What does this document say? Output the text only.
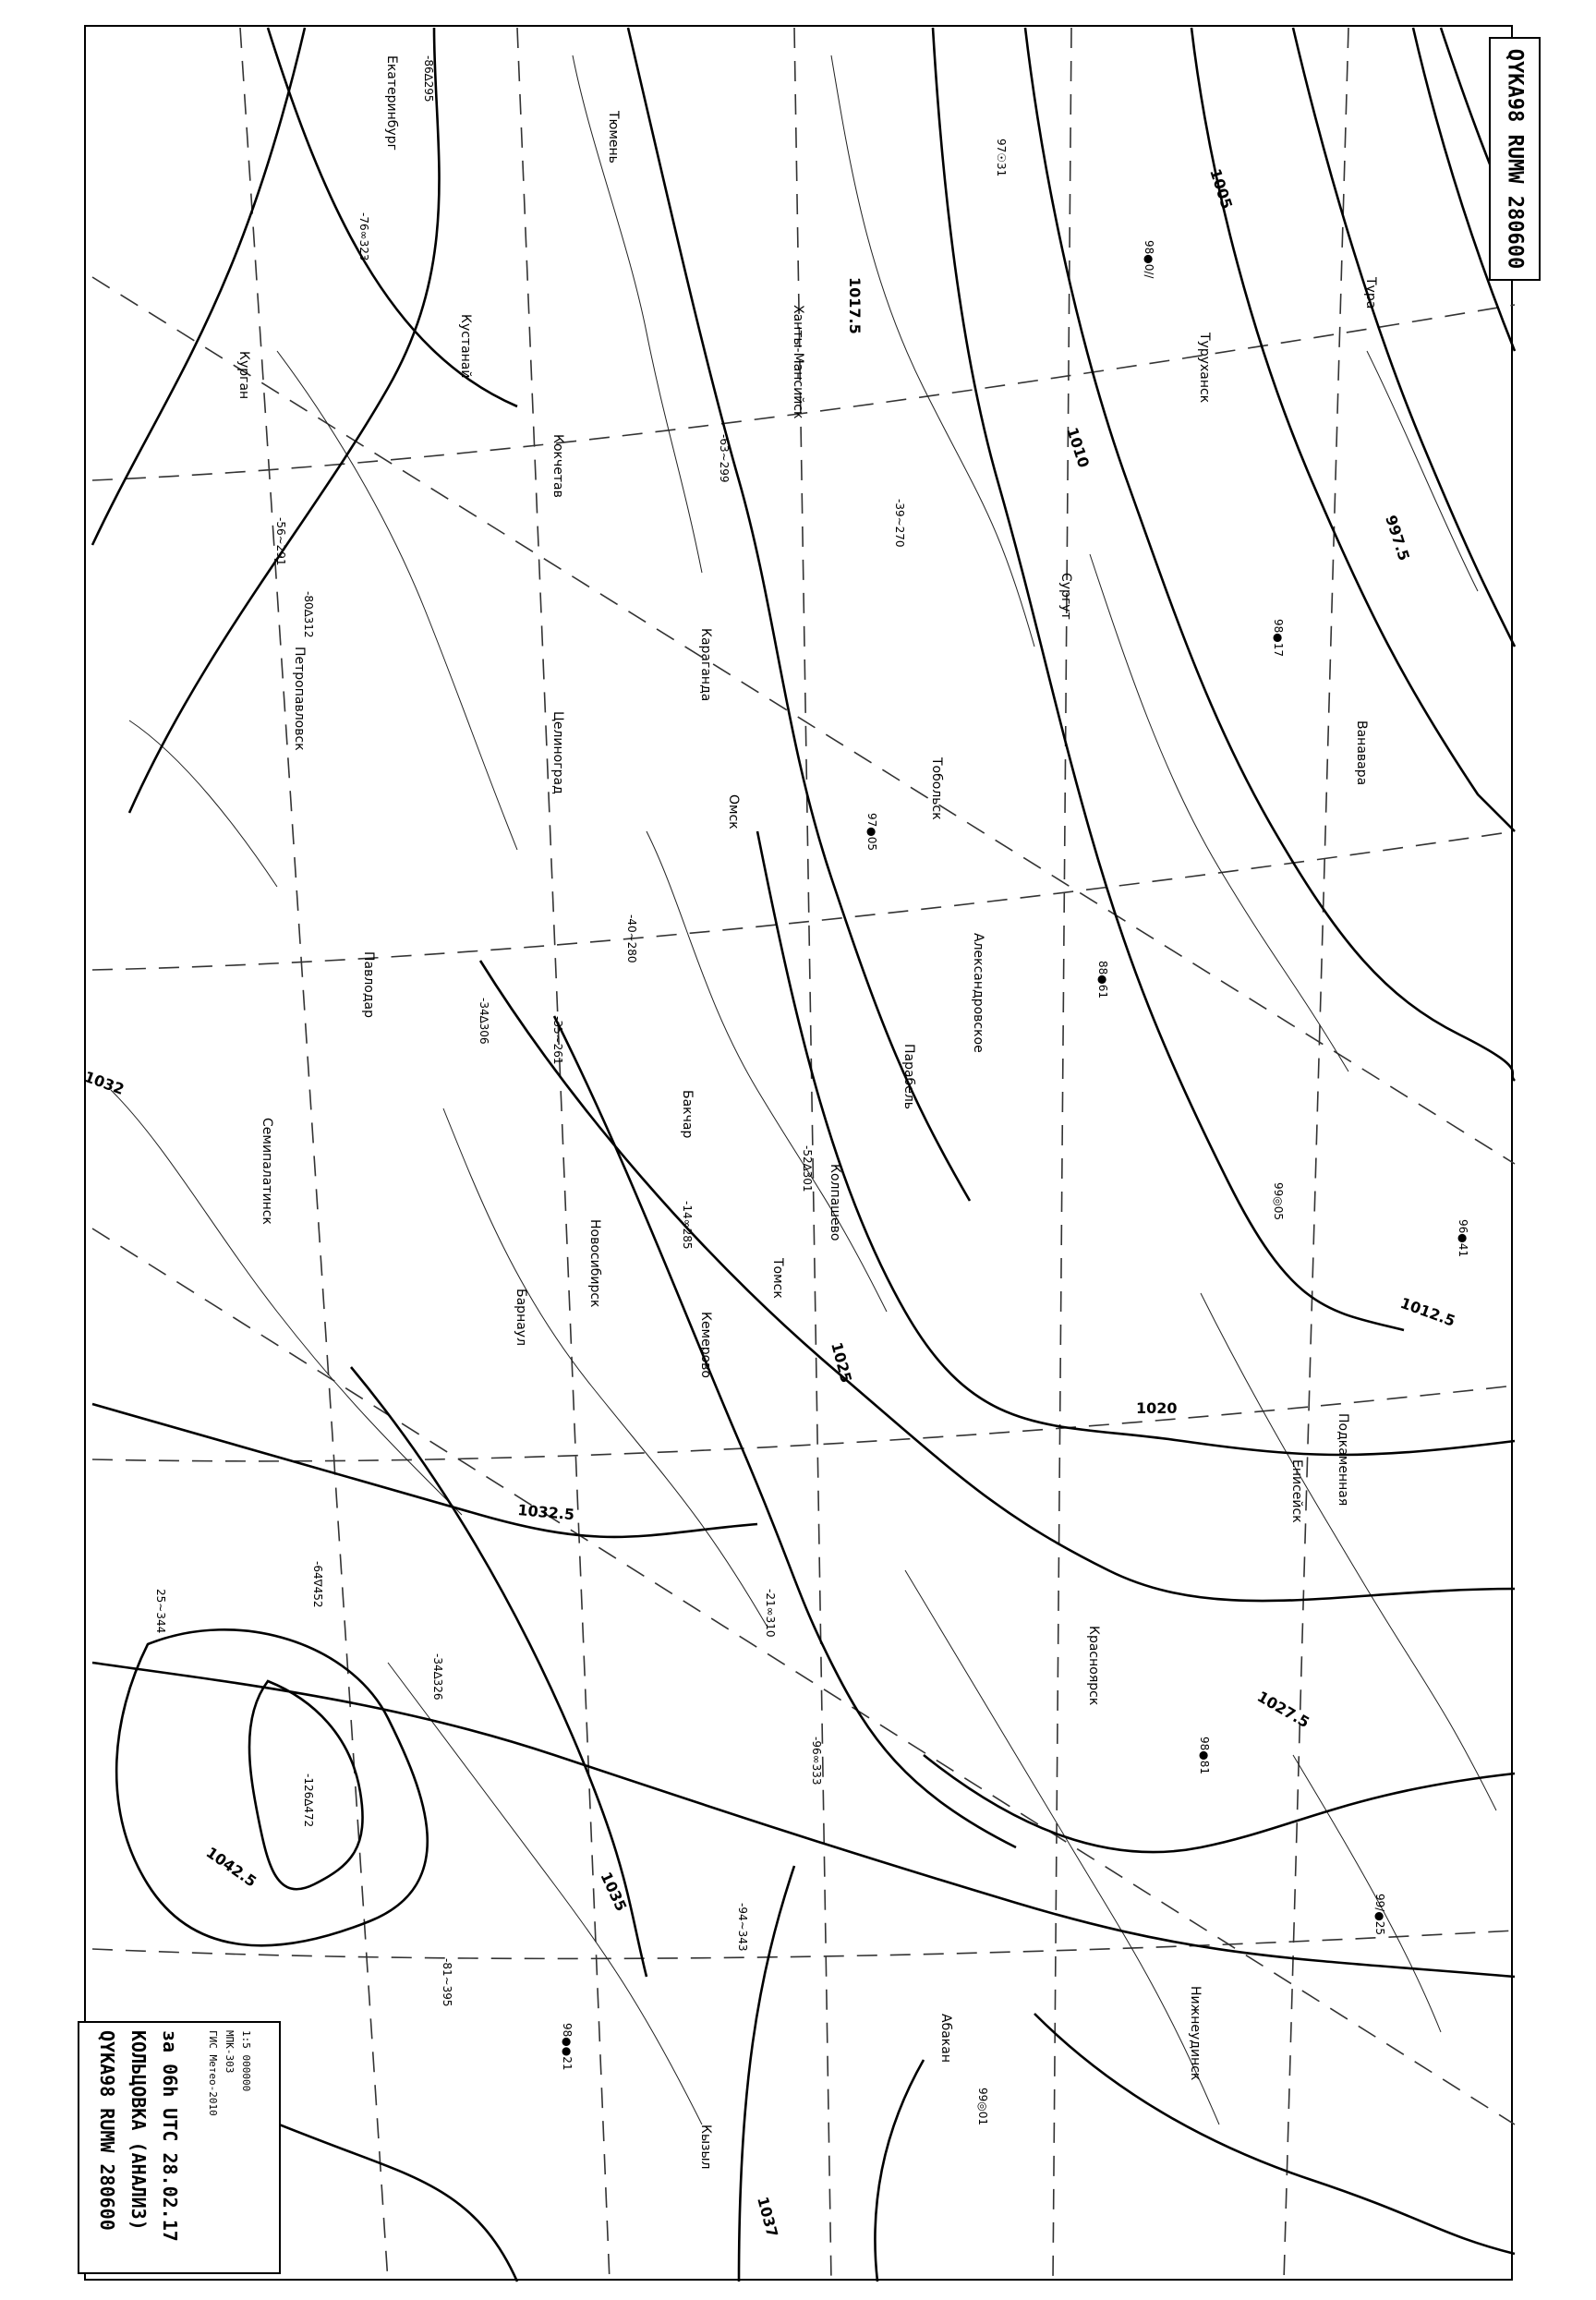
997.5
1005
1010
1012.5
1017.5
1020
1025
1027.5
1032
1032.5
1035
1037
1042.5
Томск
Кемерово
Новосибирск
Барнаул
Павлодар
Семипалатинск
Омск	Тобольск
Ханты-Мансийск
Сургут
Александровское
Колпашево
Енисейск
Красноярск
Абакан
Кызыл
Нижнеудинск
Тура
Ванавара
Туруханск
Подкаменная
Бакчар
Парабель
Кустанай
Целиноград
Караганда
Кокчетав
Петропавловск
Курган
Тюмень
Екатеринбург
98●0//
97☉31
88●61
99◎05
-126∆472
-34∆326
-21∞310
-64∇452
-94∼343
25∼344
-81∼395
98●●21
99/●25
-52∆301
-14∞285
-40∼280
-34∆306	-35∼261
-86∆295
-76∞323
-80∆312
-39∼270
-63∼299
-56∼291
98●17
97●05
96●41
99◎01
98●81
-96∞333
QYKA98 RUMW 280600
QYKA98 RUMW 280600 КОЛЬЦОВКА (АНАЛИЗ) за 06h UTC 28.02.17	ГИС Метео-2010 МПК-303 1:5 000000
